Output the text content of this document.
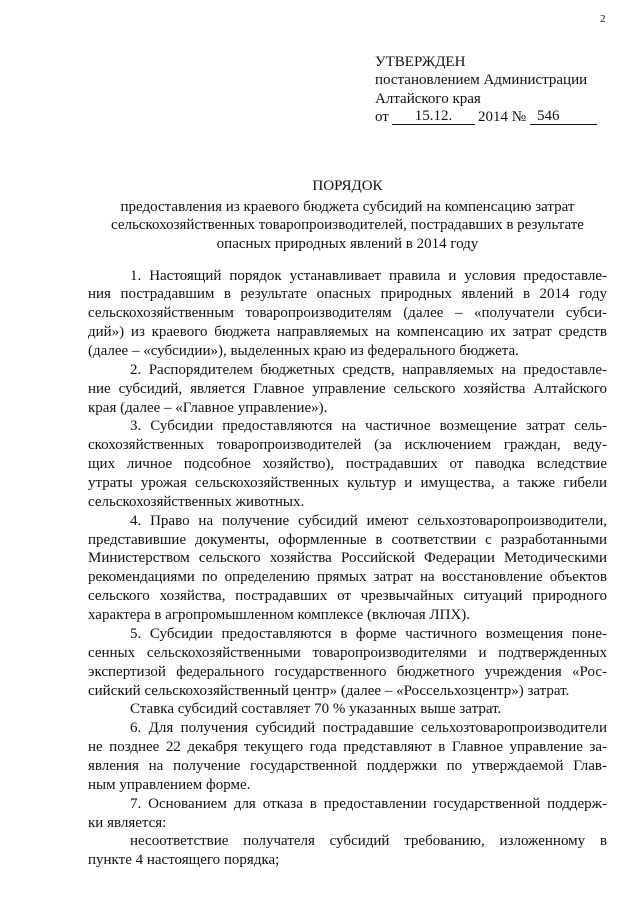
2
УТВЕРЖДЕН
постановлением Администрации
Алтайского края
от	15.12.	2014 № 546
ПОРЯДОК
предоставления из краевого бюджета субсидий на компенсацию затрат
сельскохозяйственных товаропроизводителей, пострадавших в результате
опасных природных явлений в 2014 году
1. Настоящий порядок устанавливает правила и условия предоставле-
ния пострадавшим в результате опасных природных явлений в 2014 году
сельскохозяйственным товаропроизводителям (далее – «получатели субси-
дий») из краевого бюджета направляемых на компенсацию их затрат средств
(далее – «субсидии»), выделенных краю из федерального бюджета.
2. Распорядителем бюджетных средств, направляемых на предоставле-
ние субсидий, является Главное управление сельского хозяйства Алтайского
края (далее – «Главное управление»).
3. Субсидии предоставляются на частичное возмещение затрат сель-
скохозяйственных товаропроизводителей (за исключением граждан, веду-
щих личное подсобное хозяйство), пострадавших от паводка вследствие
утраты урожая сельскохозяйственных культур и имущества, а также гибели
сельскохозяйственных животных.
4. Право на получение субсидий имеют сельхозтоваропроизводители,
представившие документы, оформленные в соответствии с разработанными
Министерством сельского хозяйства Российской Федерации Методическими
рекомендациями по определению прямых затрат на восстановление объектов
сельского хозяйства, пострадавших от чрезвычайных ситуаций природного
характера в агропромышленном комплексе (включая ЛПХ).
5. Субсидии предоставляются в форме частичного возмещения поне-
сенных сельскохозяйственными товаропроизводителями и подтвержденных
экспертизой федерального государственного бюджетного учреждения «Рос-
сийский сельскохозяйственный центр» (далее – «Россельхозцентр») затрат.
Ставка субсидий составляет 70 % указанных выше затрат.
6. Для получения субсидий пострадавшие сельхозтоваропроизводители
не позднее 22 декабря текущего года представляют в Главное управление за-
явления на получение государственной поддержки по утверждаемой Глав-
ным управлением форме.
7. Основанием для отказа в предоставлении государственной поддерж-
ки является:
несоответствие получателя субсидий требованию, изложенному в
пункте 4 настоящего порядка;
